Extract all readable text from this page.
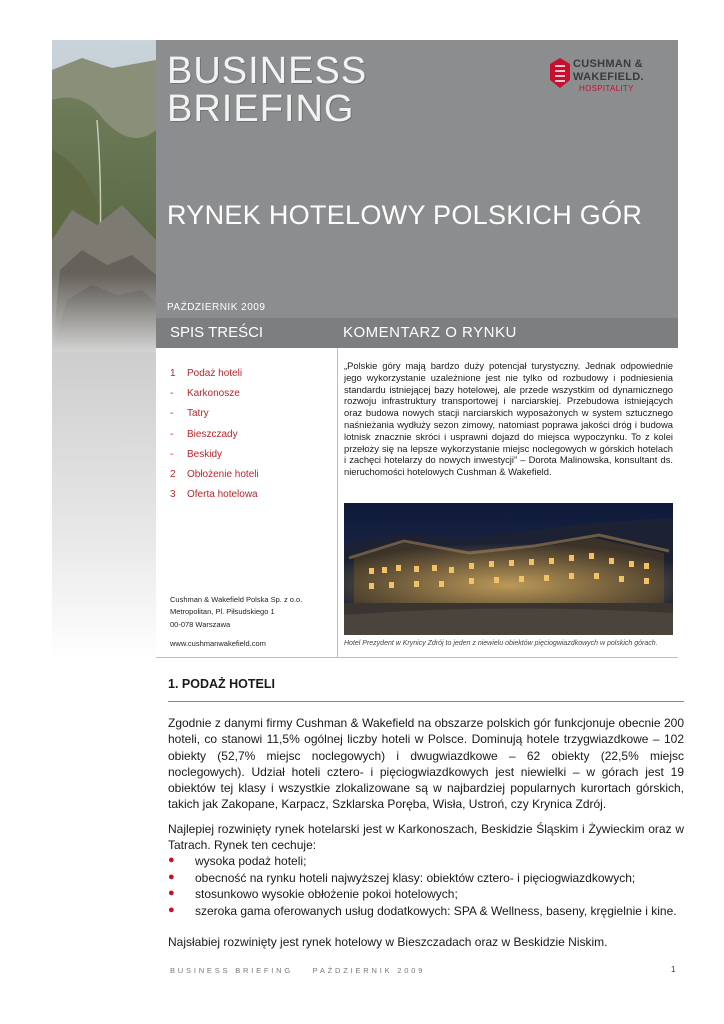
BUSINESS
BRIEFING
CUSHMAN &
WAKEFIELD.
HOSPITALITY
RYNEK HOTELOWY POLSKICH GÓR
PAŹDZIERNIK 2009
SPIS TREŚCI	KOMENTARZ O RYNKU
1 Podaż hoteli
- Karkonosze
- Tatry
- Bieszczady
- Beskidy
2 Obłożenie hoteli
3 Oferta hotelowa
Cushman & Wakefield Polska Sp. z o.o.
Metropolitan, Pl. Piłsudskiego 1
00-078 Warszawa
www.cushmanwakefield.com
„Polskie góry mają bardzo duży potencjał turystyczny. Jednak odpowiednie jego wykorzystanie uzależnione jest nie tylko od rozbudowy i podniesienia standardu istniejącej bazy hotelowej, ale przede wszystkim od dynamicznego rozwoju infrastruktury transportowej i narciarskiej. Przebudowa istniejących oraz budowa nowych stacji narciarskich wyposażonych w system sztucznego naśnieżania wydłuży sezon zimowy, natomiast poprawa jakości dróg i budowa lotnisk znacznie skróci i usprawni dojazd do miejsca wypoczynku. To z kolei przełoży się na lepsze wykorzystanie miejsc noclegowych w górskich hotelach i zachęci hotelarzy do nowych inwestycji” – Dorota Malinowska, konsultant ds. nieruchomości hotelowych Cushman & Wakefield.
Hotel Prezydent w Krynicy Zdrój to jeden z niewielu obiektów pięciogwiazdkowych w polskich górach.
1. PODAŻ HOTELI
Zgodnie z danymi firmy Cushman & Wakefield na obszarze polskich gór funkcjonuje obecnie 200 hoteli, co stanowi 11,5% ogólnej liczby hoteli w Polsce. Dominują hotele trzygwiazdkowe – 102 obiekty (52,7% miejsc noclegowych) i dwugwiazdkowe – 62 obiekty (22,5% miejsc noclegowych). Udział hoteli cztero- i pięciogwiazdkowych jest niewielki – w górach jest 19 obiektów tej klasy i wszystkie zlokalizowane są w najbardziej popularnych kurortach górskich, takich jak Zakopane, Karpacz, Szklarska Poręba, Wisła, Ustroń, czy Krynica Zdrój.
Najlepiej rozwinięty rynek hotelarski jest w Karkonoszach, Beskidzie Śląskim i Żywieckim oraz w Tatrach. Rynek ten cechuje:
● wysoka podaż hoteli;
● obecność na rynku hoteli najwyższej klasy: obiektów cztero- i pięciogwiazdkowych;
● stosunkowo wysokie obłożenie pokoi hotelowych;
● szeroka gama oferowanych usług dodatkowych: SPA & Wellness, baseny, kręgielnie i kine.
Najsłabiej rozwinięty jest rynek hotelowy w Bieszczadach oraz w Beskidzie Niskim.
BUSINESS BRIEFING    PAŹDZIERNIK 2009	1
